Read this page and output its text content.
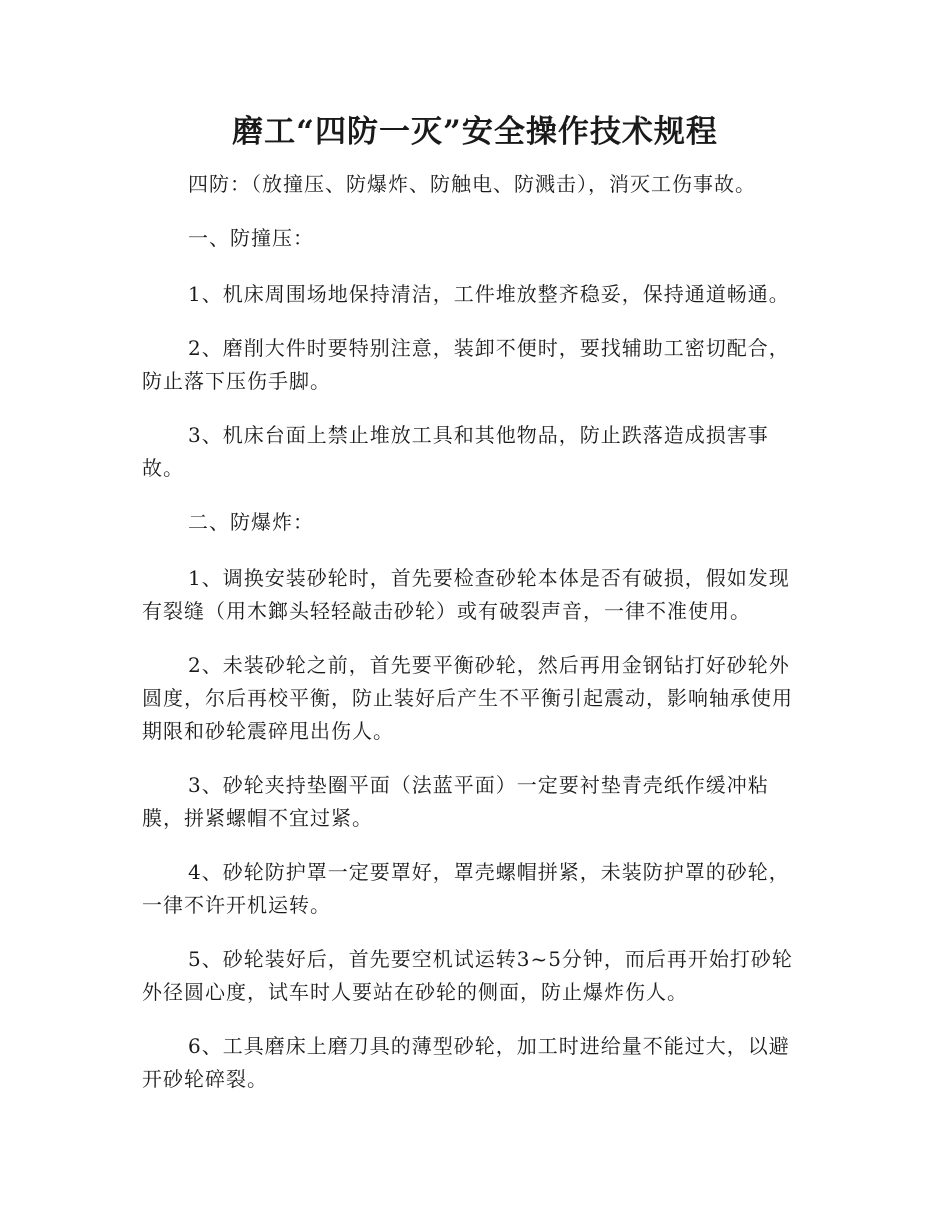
磨工“四防一灭”安全操作技术规程

四防：（放撞压、防爆炸、防触电、防溅击），消灭工伤事故。

一、防撞压：

1、机床周围场地保持清洁，工件堆放整齐稳妥，保持通道畅通。

2、磨削大件时要特别注意，装卸不便时，要找辅助工密切配合，防止落下压伤手脚。

3、机床台面上禁止堆放工具和其他物品，防止跌落造成损害事故。

二、防爆炸：

1、调换安装砂轮时，首先要检查砂轮本体是否有破损，假如发现有裂缝（用木鎯头轻轻敲击砂轮）或有破裂声音，一律不准使用。

2、未装砂轮之前，首先要平衡砂轮，然后再用金钢钻打好砂轮外圆度，尔后再校平衡，防止装好后产生不平衡引起震动，影响轴承使用期限和砂轮震碎甩出伤人。

3、砂轮夹持垫圈平面（法蓝平面）一定要衬垫青壳纸作缓冲粘膜，拼紧螺帽不宜过紧。

4、砂轮防护罩一定要罩好，罩壳螺帽拼紧，未装防护罩的砂轮，一律不许开机运转。

5、砂轮装好后，首先要空机试运转3~5分钟，而后再开始打砂轮外径圆心度，试车时人要站在砂轮的侧面，防止爆炸伤人。

6、工具磨床上磨刀具的薄型砂轮，加工时进给量不能过大，以避开砂轮碎裂。
